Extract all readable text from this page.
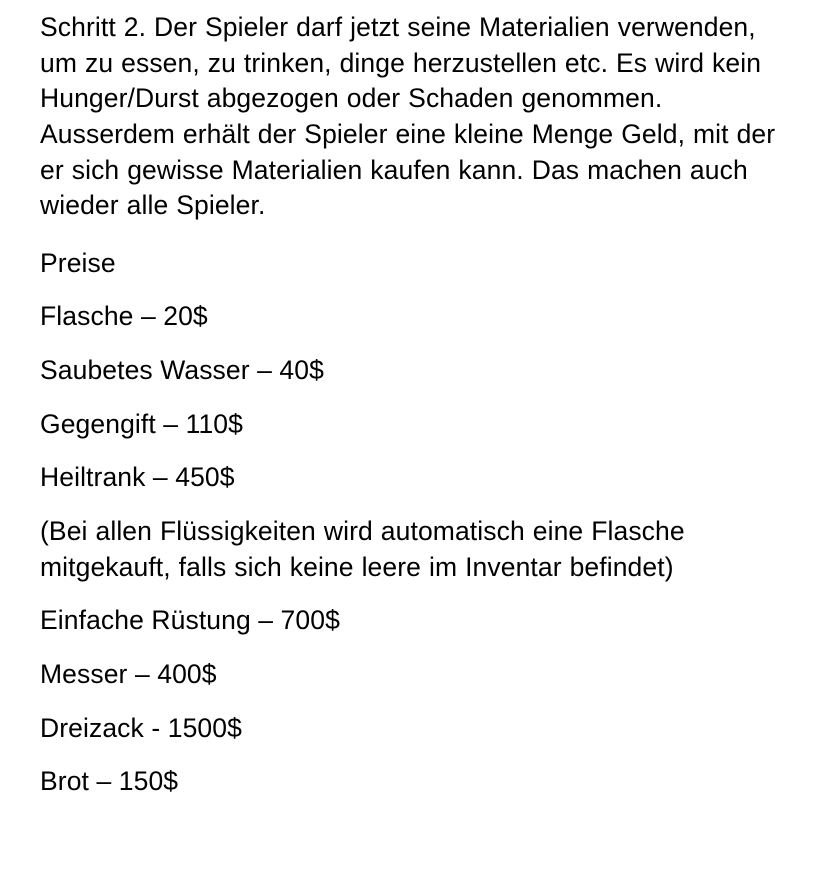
Schritt 2. Der Spieler darf jetzt seine Materialien verwenden, um zu essen, zu trinken, dinge herzustellen etc. Es wird kein Hunger/Durst abgezogen oder Schaden genommen. Ausserdem erhält der Spieler eine kleine Menge Geld, mit der er sich gewisse Materialien kaufen kann. Das machen auch wieder alle Spieler.

Preise

Flasche – 20$

Saubetes Wasser – 40$

Gegengift – 110$

Heiltrank – 450$

(Bei allen Flüssigkeiten wird automatisch eine Flasche mitgekauft, falls sich keine leere im Inventar befindet)

Einfache Rüstung – 700$

Messer – 400$

Dreizack - 1500$

Brot – 150$
